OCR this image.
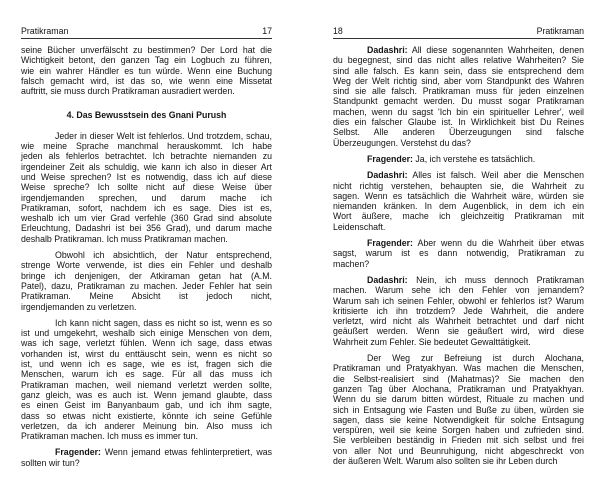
Pratikraman	17
seine Bücher unverfälscht zu bestimmen? Der Lord hat die
Wichtigkeit betont, den ganzen Tag ein Logbuch zu führen,
wie ein wahrer Händler es tun würde. Wenn eine Buchung
falsch gemacht wird, ist das so, wie wenn eine Missetat
auftritt, sie muss durch Pratikraman ausradiert werden.
4. Das Bewusstsein des Gnani Purush
Jeder in dieser Welt ist fehlerlos. Und trotzdem, schau,
wie meine Sprache manchmal herauskommt. Ich habe
jeden als fehlerlos betrachtet. Ich betrachte niemanden zu
irgendeiner Zeit als schuldig, wie kann ich also in dieser Art
und Weise sprechen? Ist es notwendig, dass ich auf diese
Weise spreche? Ich sollte nicht auf diese Weise über
irgendjemanden sprechen, und darum mache ich
Pratikraman, sofort, nachdem ich es sage. Dies ist es,
weshalb ich um vier Grad verfehle (360 Grad sind absolute
Erleuchtung, Dadashri ist bei 356 Grad), und darum mache
deshalb Pratikraman. Ich muss Pratikraman machen.
Obwohl ich absichtlich, der Natur entsprechend,
strenge Worte verwende, ist dies ein Fehler und deshalb
bringe ich denjenigen, der Atkiraman getan hat (A.M.
Patel), dazu, Pratikraman zu machen. Jeder Fehler hat sein
Pratikraman. Meine Absicht ist jedoch nicht,
irgendjemanden zu verletzen.
Ich kann nicht sagen, dass es nicht so ist, wenn es so
ist und umgekehrt, weshalb sich einige Menschen von dem,
was ich sage, verletzt fühlen. Wenn ich sage, dass etwas
vorhanden ist, wirst du enttäuscht sein, wenn es nicht so
ist, und wenn ich es sage, wie es ist, fragen sich die
Menschen, warum ich es sage. Für all das muss ich
Pratikraman machen, weil niemand verletzt werden sollte,
ganz gleich, was es auch ist. Wenn jemand glaubte, dass
es einen Geist im Banyanbaum gab, und ich ihm sagte,
dass so etwas nicht existierte, könnte ich seine Gefühle
verletzen, da ich anderer Meinung bin. Also muss ich
Pratikraman machen. Ich muss es immer tun.
Fragender: Wenn jemand etwas fehlinterpretiert, was
sollten wir tun?
18	Pratikraman
Dadashri: All diese sogenannten Wahrheiten, denen
du begegnest, sind das nicht alles relative Wahrheiten? Sie
sind alle falsch. Es kann sein, dass sie entsprechend dem
Weg der Welt richtig sind, aber vom Standpunkt des Wahren
sind sie alle falsch. Pratikraman muss für jeden einzelnen
Standpunkt gemacht werden. Du musst sogar Pratikraman
machen, wenn du sagst 'Ich bin ein spiritueller Lehrer', weil
dies ein falscher Glaube ist. In Wirklichkeit bist Du Reines
Selbst. Alle anderen Überzeugungen sind falsche
Überzeugungen. Verstehst du das?
Fragender: Ja, ich verstehe es tatsächlich.
Dadashri: Alles ist falsch. Weil aber die Menschen
nicht richtig verstehen, behaupten sie, die Wahrheit zu
sagen. Wenn es tatsächlich die Wahrheit wäre, würden sie
niemanden kränken. In dem Augenblick, in dem ich ein
Wort äußere, mache ich gleichzeitig Pratikraman mit
Leidenschaft.
Fragender: Aber wenn du die Wahrheit über etwas
sagst, warum ist es dann notwendig, Pratikraman zu
machen?
Dadashri: Nein, ich muss dennoch Pratikraman
machen. Warum sehe ich den Fehler von jemandem?
Warum sah ich seinen Fehler, obwohl er fehlerlos ist? Warum
kritisierte ich ihn trotzdem? Jede Wahrheit, die andere
verletzt, wird nicht als Wahrheit betrachtet und darf nicht
geäußert werden. Wenn sie geäußert wird, wird diese
Wahrheit zum Fehler. Sie bedeutet Gewalttätigkeit.
Der Weg zur Befreiung ist durch Alochana,
Pratikraman und Pratyakhyan. Was machen die Menschen,
die Selbst-realisiert sind (Mahatmas)? Sie machen den
ganzen Tag über Alochana, Pratikraman und Pratyakhyan.
Wenn du sie darum bitten würdest, Rituale zu machen und
sich in Entsagung wie Fasten und Buße zu üben, würden sie
sagen, dass sie keine Notwendigkeit für solche Entsagung
verspüren, weil sie keine Sorgen haben und zufrieden sind.
Sie verbleiben beständig in Frieden mit sich selbst und frei
von aller Not und Beunruhigung, nicht abgeschreckt von
der äußeren Welt. Warum also sollten sie ihr Leben durch
